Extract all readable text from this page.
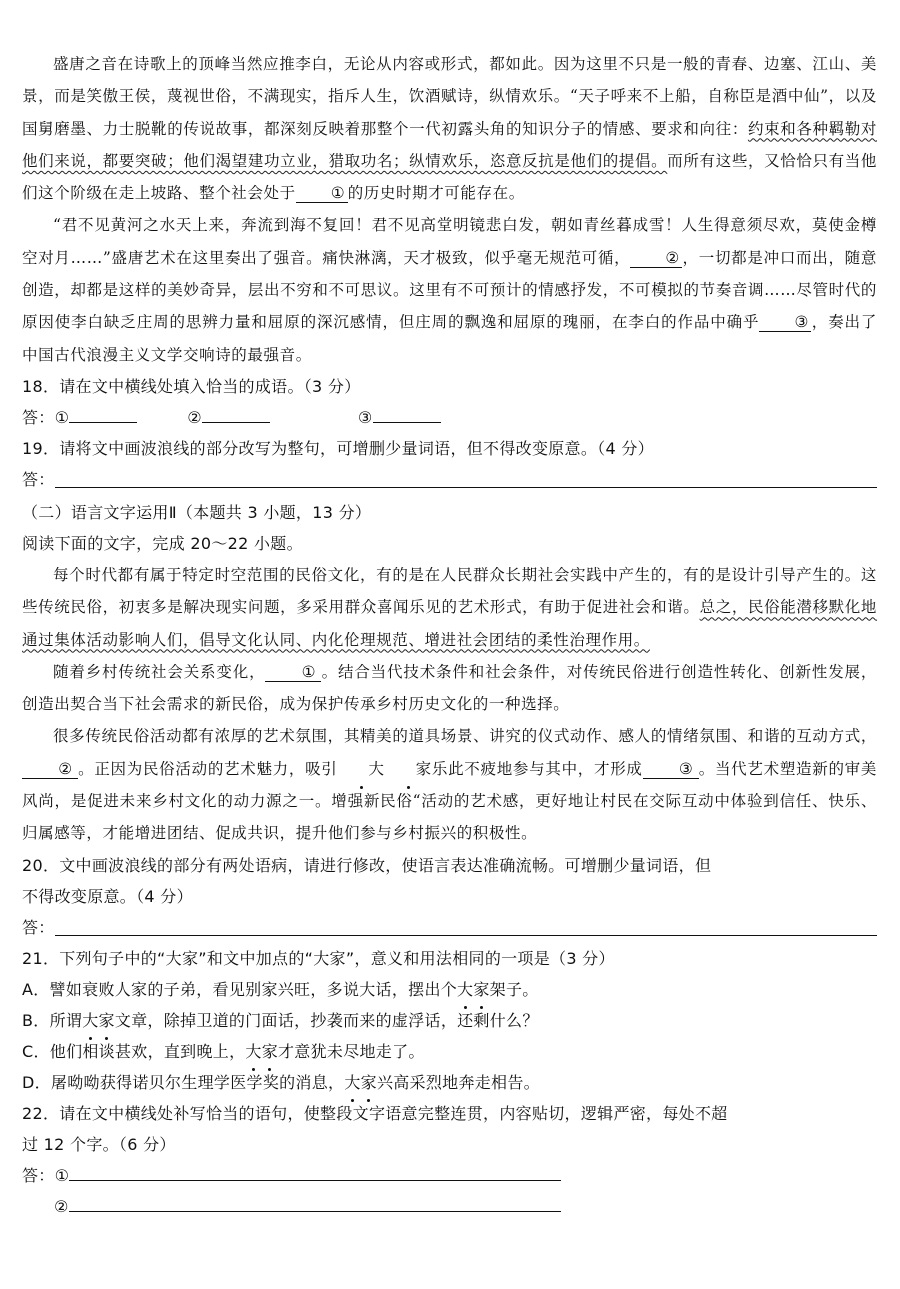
盛唐之音在诗歌上的顶峰当然应推李白，无论从内容或形式，都如此。因为这里不只是一般的青春、边塞、江山、美景，而是笑傲王侯，蔑视世俗，不满现实，指斥人生，饮酒赋诗，纵情欢乐。“天子呼来不上船，自称臣是酒中仙”，以及国舅磨墨、力士脱靴的传说故事，都深刻反映着那整个一代初露头角的知识分子的情感、要求和向往：约束和各种羁勒对他们来说，都要突破；他们渴望建功立业，猎取功名；纵情欢乐，恣意反抗是他们的提倡。而所有这些，又恰恰只有当他们这个阶级在走上坡路、整个社会处于 ① 的历史时期才可能存在。

“君不见黄河之水天上来，奔流到海不复回！君不见高堂明镜悲白发，朝如青丝暮成雪！人生得意须尽欢，莫使金樽空对月……”盛唐艺术在这里奏出了强音。痛快淋漓，天才极致，似乎毫无规范可循， ② ，一切都是冲口而出，随意创造，却都是这样的美妙奇异，层出不穷和不可思议。这里有不可预计的情感抒发，不可模拟的节奏音调……尽管时代的原因使李白缺乏庄周的思辨力量和屈原的深沉感情，但庄周的飘逸和屈原的瑰丽，在李白的作品中确乎 ③ ，奏出了中国古代浪漫主义文学交响诗的最强音。

18．请在文中横线处填入恰当的成语。（3 分）

答：①	②	③

19．请将文中画波浪线的部分改写为整句，可增删少量词语，但不得改变原意。（4 分）

答：

（二）语言文字运用Ⅱ（本题共 3 小题，13 分）

阅读下面的文字，完成 20～22 小题。

每个时代都有属于特定时空范围的民俗文化，有的是在人民群众长期社会实践中产生的，有的是设计引导产生的。这些传统民俗，初衷多是解决现实问题，多采用群众喜闻乐见的艺术形式，有助于促进社会和谐。总之，民俗能潜移默化地通过集体活动影响人们，倡导文化认同、内化伦理规范、增进社会团结的柔性治理作用。

随着乡村传统社会关系变化， ① 。结合当代技术条件和社会条件，对传统民俗进行创造性转化、创新性发展，创造出契合当下社会需求的新民俗，成为保护传承乡村历史文化的一种选择。

很多传统民俗活动都有浓厚的艺术氛围，其精美的道具场景、讲究的仪式动作、感人的情绪氛围、和谐的互动方式，② 。正因为民俗活动的艺术魅力，吸引 大 家乐此不疲地参与其中，才形成 ③ 。当代艺术塑造新的审美风尚，是促进未来乡村文化的动力源之一。增强新民俗“活动的艺术感，更好地让村民在交际互动中体验到信任、快乐、归属感等，才能增进团结、促成共识，提升他们参与乡村振兴的积极性。

20．文中画波浪线的部分有两处语病，请进行修改，使语言表达准确流畅。可增删少量词语，但

不得改变原意。（4 分）

答：

21．下列句子中的“大家”和文中加点的“大家”，意义和用法相同的一项是（3 分）

A．譬如衰败人家的子弟，看见别家兴旺，多说大话，摆出个大家架子。

B．所谓大家文章，除掉卫道的门面话，抄袭而来的虚浮话，还剩什么？

C．他们相谈甚欢，直到晚上，大家才意犹未尽地走了。

D．屠呦呦获得诺贝尔生理学医学奖的消息，大家兴高采烈地奔走相告。

22．请在文中横线处补写恰当的语句，使整段文字语意完整连贯，内容贴切，逻辑严密，每处不超

过 12 个字。（6 分）

答：①

②
